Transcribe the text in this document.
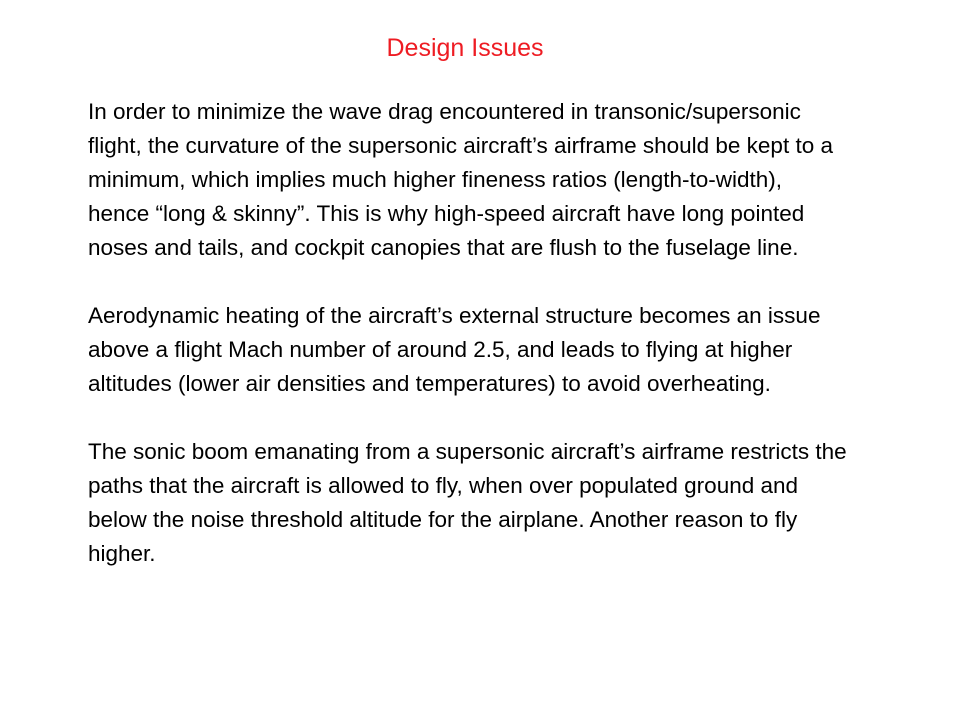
Design Issues

In order to minimize the wave drag encountered in transonic/supersonic flight, the curvature of the supersonic aircraft’s airframe should be kept to a minimum, which implies much higher fineness ratios (length-to-width), hence “long & skinny”. This is why high-speed aircraft have long pointed noses and tails, and cockpit canopies that are flush to the fuselage line.

Aerodynamic heating of the aircraft’s external structure becomes an issue above a flight Mach number of around 2.5, and leads to flying at higher altitudes (lower air densities and temperatures) to avoid overheating.

The sonic boom emanating from a supersonic aircraft’s airframe restricts the paths that the aircraft is allowed to fly, when over populated ground and below the noise threshold altitude for the airplane. Another reason to fly higher.
